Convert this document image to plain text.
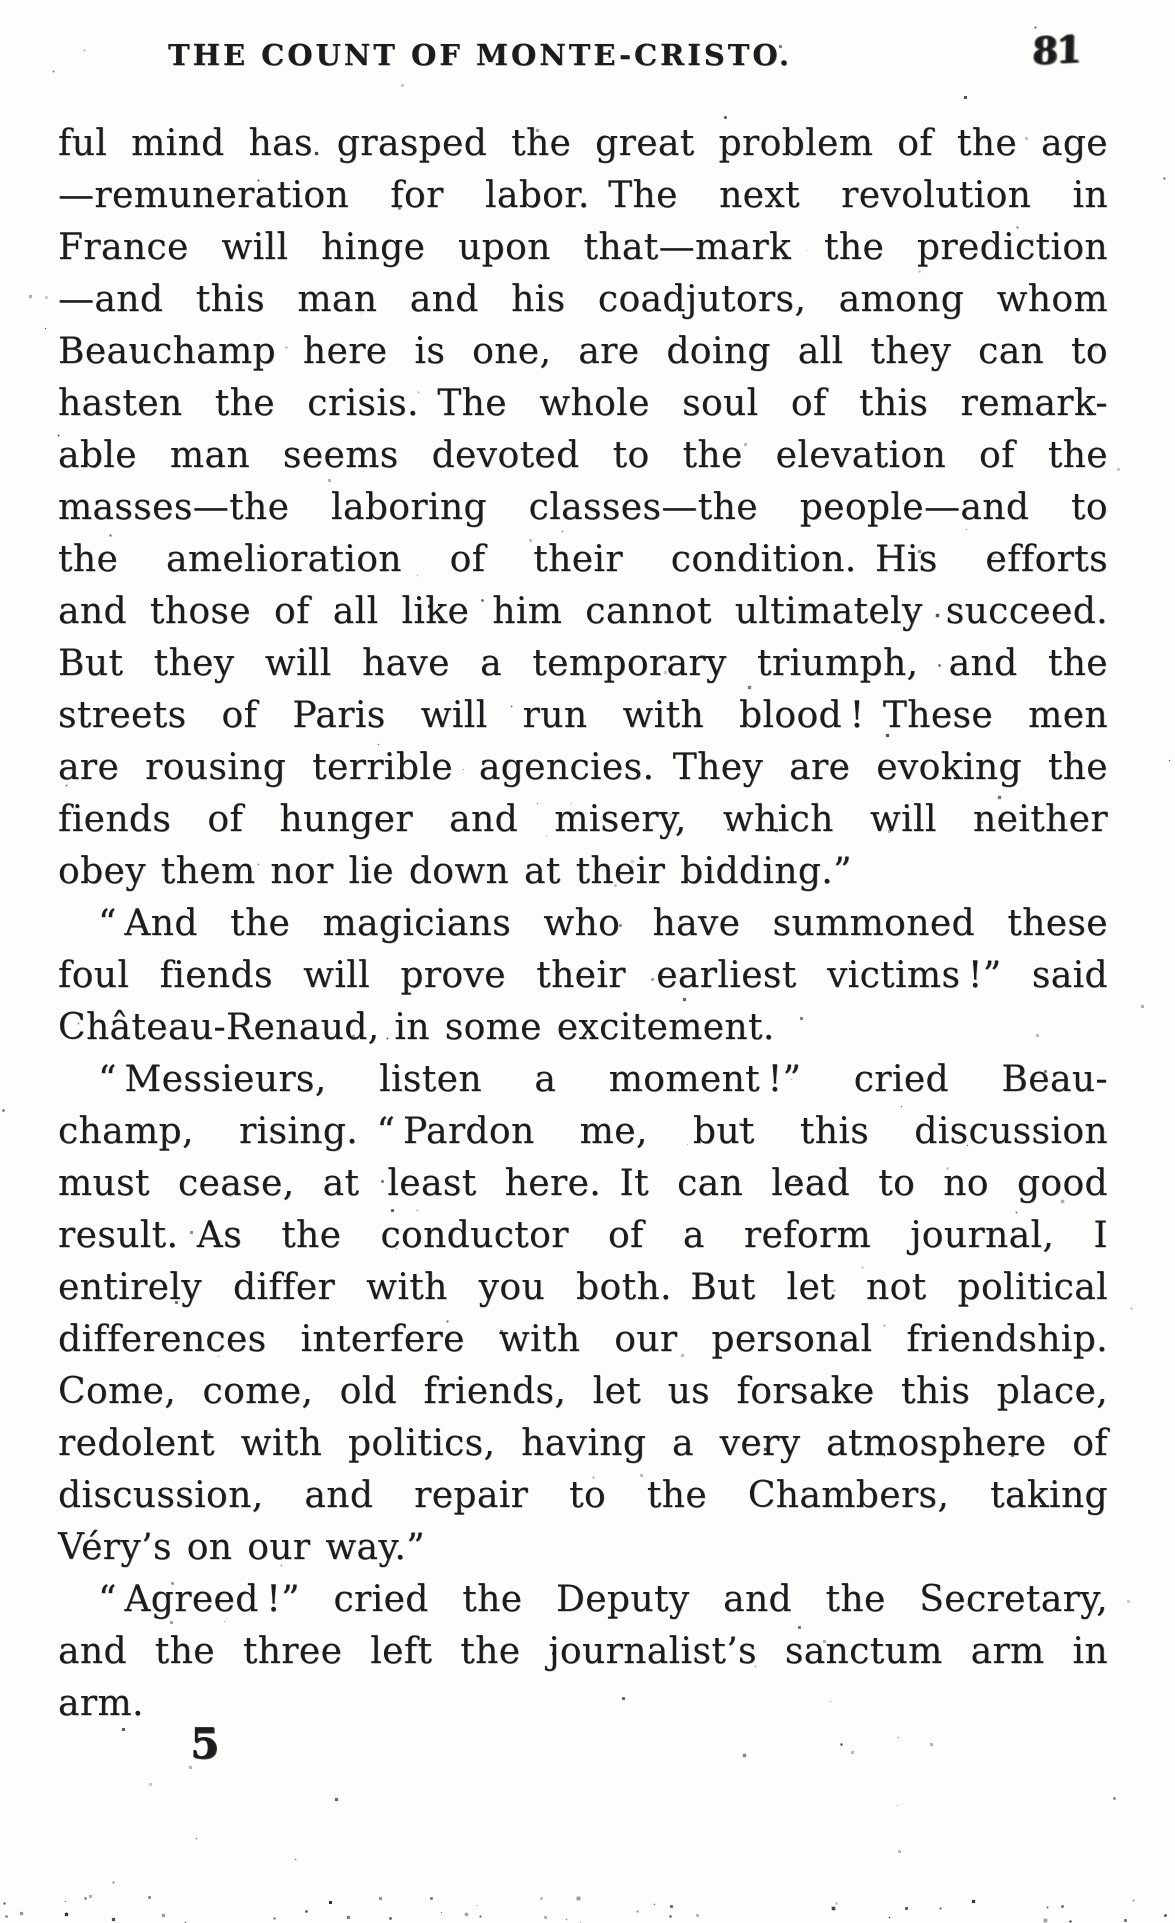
THE COUNT OF MONTE-CRISTO.	81
ful mind has grasped the great problem of the age
—remuneration for labor. The next revolution in
France will hinge upon that—mark the prediction
—and this man and his coadjutors, among whom
Beauchamp here is one, are doing all they can to
hasten the crisis. The whole soul of this remark-
able man seems devoted to the elevation of the
masses—the laboring classes—the people—and to
the amelioration of their condition. His efforts
and those of all like him cannot ultimately succeed.
But they will have a temporary triumph, and the
streets of Paris will run with blood ! These men
are rousing terrible agencies. They are evoking the
fiends of hunger and misery, which will neither
obey them nor lie down at their bidding.”
“ And the magicians who have summoned these
foul fiends will prove their earliest victims !” said
Château-Renaud, in some excitement.
“ Messieurs, listen a moment !” cried Beau-
champ, rising. “ Pardon me, but this discussion
must cease, at least here. It can lead to no good
result. As the conductor of a reform journal, I
entirely differ with you both. But let not political
differences interfere with our personal friendship.
Come, come, old friends, let us forsake this place,
redolent with politics, having a very atmosphere of
discussion, and repair to the Chambers, taking
Véry’s on our way.”
“ Agreed !” cried the Deputy and the Secretary,
and the three left the journalist’s sanctum arm in
arm.
5
